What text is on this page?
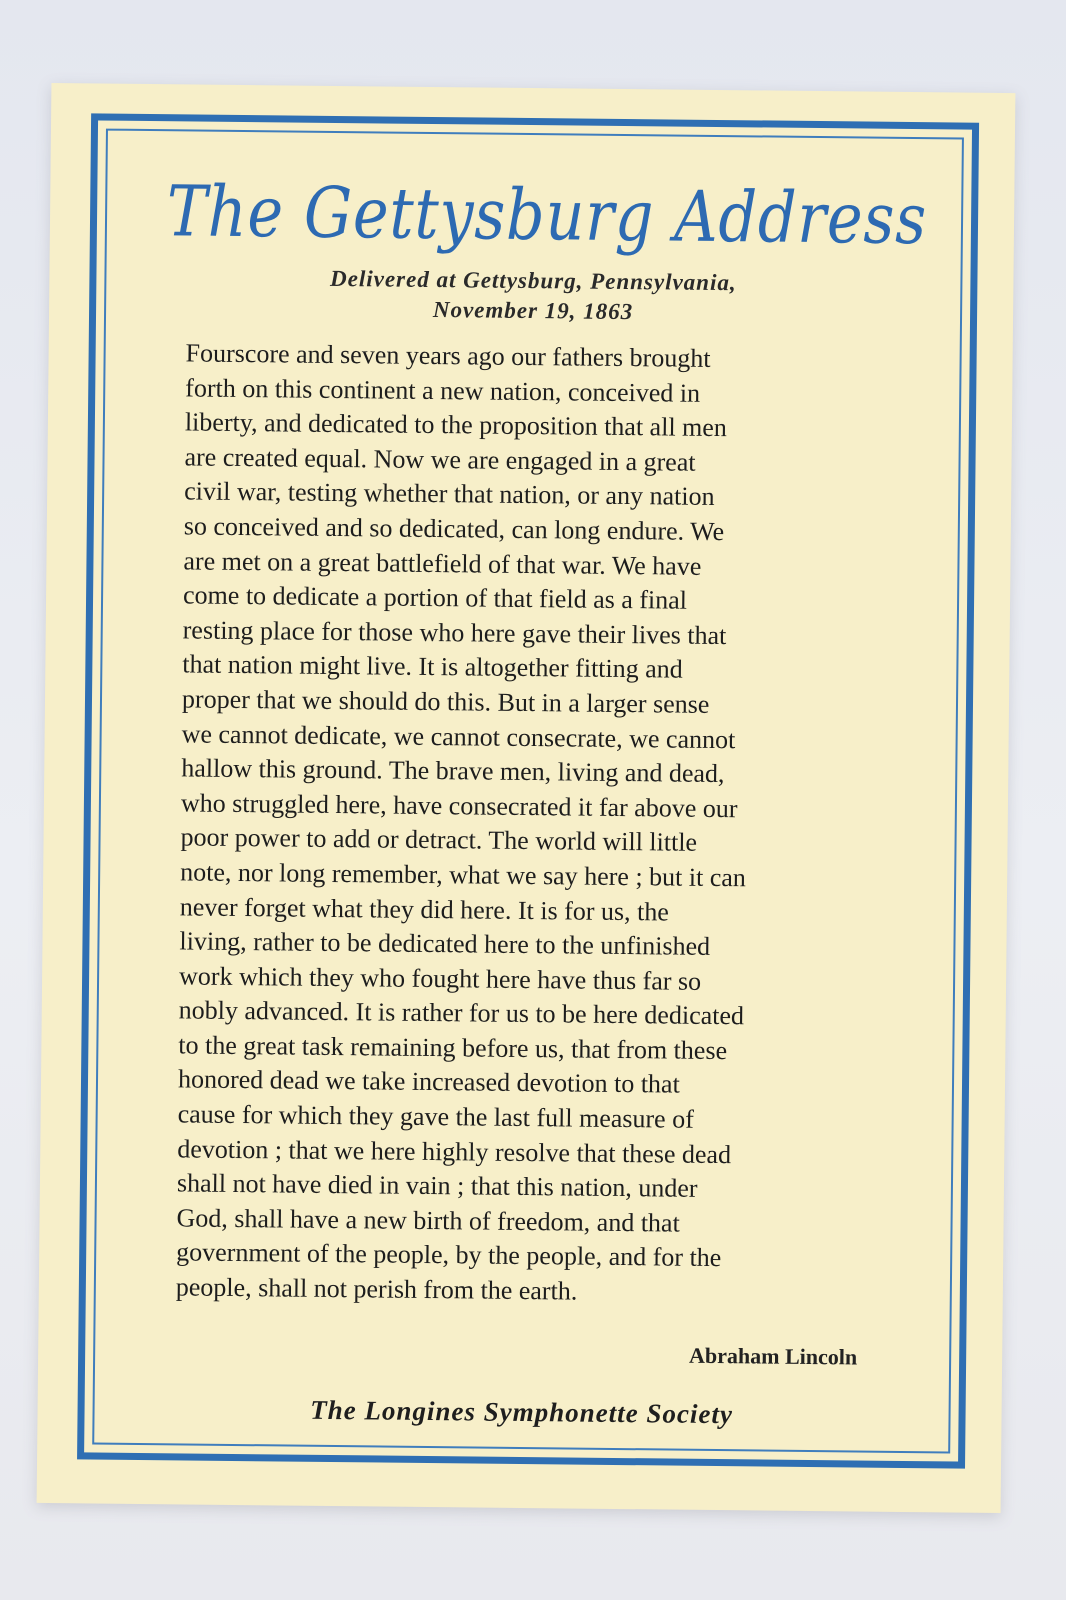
The Gettysburg Address
Delivered at Gettysburg, Pennsylvania,
November 19, 1863
Fourscore and seven years ago our fathers brought
forth on this continent a new nation, conceived in
liberty, and dedicated to the proposition that all men
are created equal. Now we are engaged in a great
civil war, testing whether that nation, or any nation
so conceived and so dedicated, can long endure. We
are met on a great battlefield of that war. We have
come to dedicate a portion of that field as a final
resting place for those who here gave their lives that
that nation might live. It is altogether fitting and
proper that we should do this. But in a larger sense
we cannot dedicate, we cannot consecrate, we cannot
hallow this ground. The brave men, living and dead,
who struggled here, have consecrated it far above our
poor power to add or detract. The world will little
note, nor long remember, what we say here ; but it can
never forget what they did here. It is for us, the
living, rather to be dedicated here to the unfinished
work which they who fought here have thus far so
nobly advanced. It is rather for us to be here dedicated
to the great task remaining before us, that from these
honored dead we take increased devotion to that
cause for which they gave the last full measure of
devotion ; that we here highly resolve that these dead
shall not have died in vain ; that this nation, under
God, shall have a new birth of freedom, and that
government of the people, by the people, and for the
people, shall not perish from the earth.
Abraham Lincoln
The Longines Symphonette Society
